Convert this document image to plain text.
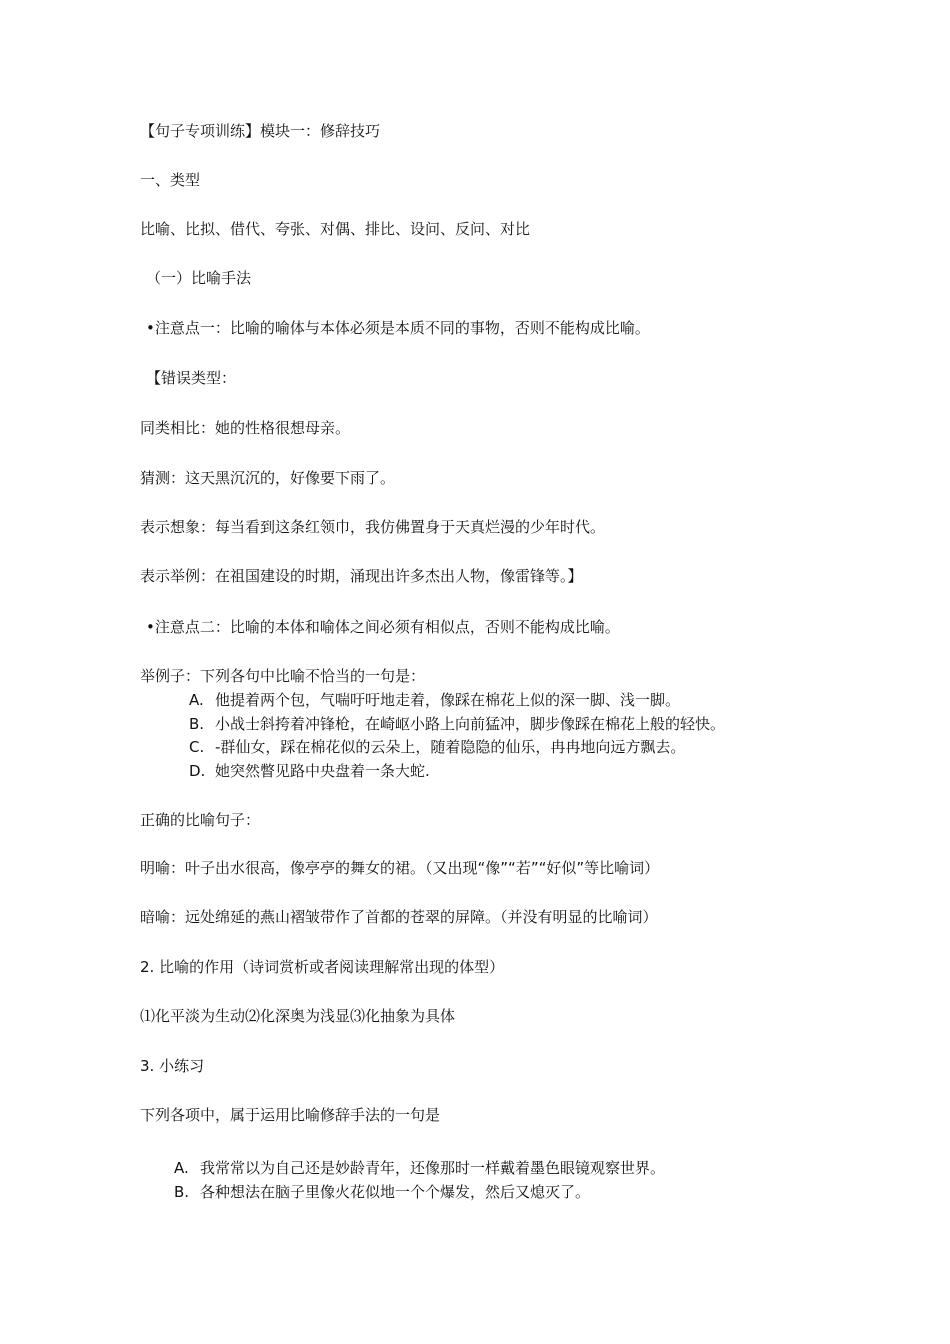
【句子专项训练】模块一：修辞技巧
一、类型
比喻、比拟、借代、夸张、对偶、排比、设问、反问、对比
（一）比喻手法
•注意点一：比喻的喻体与本体必须是本质不同的事物，否则不能构成比喻。
【错误类型：
同类相比：她的性格很想母亲。
猜测：这天黑沉沉的，好像要下雨了。
表示想象：每当看到这条红领巾，我仿佛置身于天真烂漫的少年时代。
表示举例：在祖国建设的时期，涌现出许多杰出人物，像雷锋等。】
•注意点二：比喻的本体和喻体之间必须有相似点，否则不能构成比喻。
举例子：下列各句中比喻不恰当的一句是：
A. 他提着两个包，气喘吁吁地走着，像踩在棉花上似的深一脚、浅一脚。
B. 小战士斜挎着冲锋枪，在崎岖小路上向前猛冲，脚步像踩在棉花上般的轻快。
C. -群仙女，踩在棉花似的云朵上，随着隐隐的仙乐，冉冉地向远方飘去。
D. 她突然瞥见路中央盘着一条大蛇.
正确的比喻句子：
明喻：叶子出水很高，像亭亭的舞女的裙。（又出现“像”“若”“好似”等比喻词）
暗喻：远处绵延的燕山褶皱带作了首都的苍翠的屏障。（并没有明显的比喻词）
2. 比喻的作用（诗词赏析或者阅读理解常出现的体型）
⑴化平淡为生动⑵化深奥为浅显⑶化抽象为具体
3. 小练习
下列各项中，属于运用比喻修辞手法的一句是
A. 我常常以为自己还是妙龄青年，还像那时一样戴着墨色眼镜观察世界。
B. 各种想法在脑子里像火花似地一个个爆发，然后又熄灭了。
